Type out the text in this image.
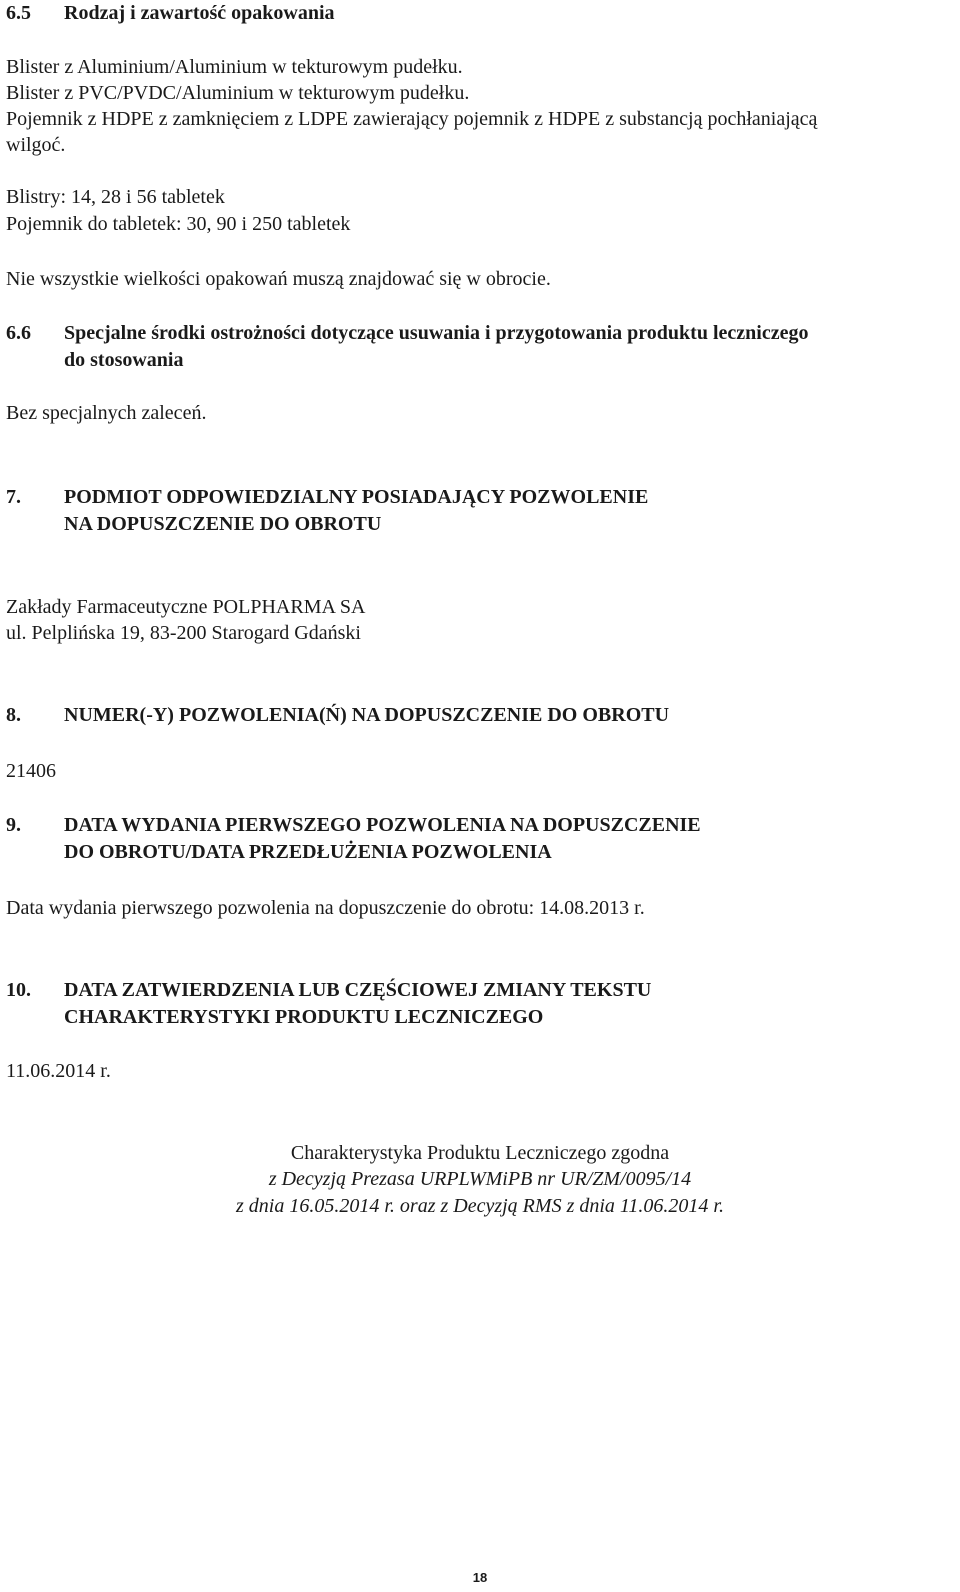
6.5 Rodzaj i zawartość opakowania
Blister z Aluminium/Aluminium w tekturowym pudełku.
Blister z PVC/PVDC/Aluminium w tekturowym pudełku.
Pojemnik z HDPE z zamknięciem z LDPE zawierający pojemnik z HDPE z substancją pochłaniającą
wilgoć.
Blistry: 14, 28 i 56 tabletek
Pojemnik do tabletek: 30, 90 i 250 tabletek
Nie wszystkie wielkości opakowań muszą znajdować się w obrocie.
6.6 Specjalne środki ostrożności dotyczące usuwania i przygotowania produktu leczniczego
do stosowania
Bez specjalnych zaleceń.
7. PODMIOT ODPOWIEDZIALNY POSIADAJĄCY POZWOLENIE
NA DOPUSZCZENIE DO OBROTU
Zakłady Farmaceutyczne POLPHARMA SA
ul. Pelplińska 19, 83-200 Starogard Gdański
8. NUMER(-Y) POZWOLENIA(Ń) NA DOPUSZCZENIE DO OBROTU
21406
9. DATA WYDANIA PIERWSZEGO POZWOLENIA NA DOPUSZCZENIE
DO OBROTU/DATA PRZEDŁUŻENIA POZWOLENIA
Data wydania pierwszego pozwolenia na dopuszczenie do obrotu: 14.08.2013 r.
10. DATA ZATWIERDZENIA LUB CZĘŚCIOWEJ ZMIANY TEKSTU
CHARAKTERYSTYKI PRODUKTU LECZNICZEGO
11.06.2014 r.
Charakterystyka Produktu Leczniczego zgodna
z Decyzją Prezasa URPLWMiPB nr UR/ZM/0095/14
z dnia 16.05.2014 r. oraz z Decyzją RMS z dnia 11.06.2014 r.
18
